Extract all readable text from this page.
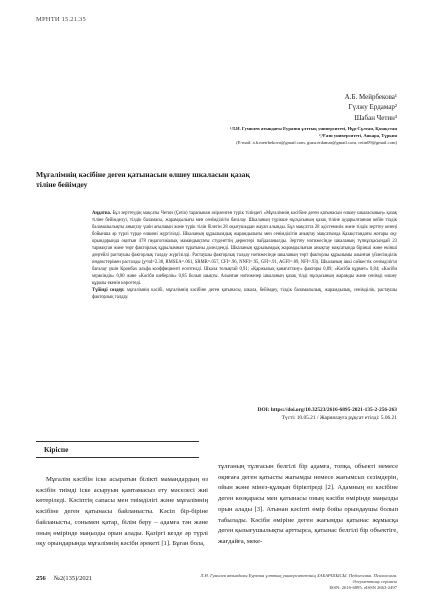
МРНТИ 15.21.35
А.Б. Мейрбекова¹
Гүлжу Ердамар²
Шабан Четин³
¹Л.Н. Гумилев атындағы Еуразия ұлттық университеті, Нұр-Сұлтан, Қазақстан
²,³Ғази университеті, Анкара, Түркия
(E-mail: a.b.meirbekova@gmail.com, guzu.erdamar@gmail.com, cetin09@gmail.com)
Мұғалімнің кәсібіне деген қатынасын өлшеу шкаласын қазақ тіліне бейімдеу

Аңдатпа. Бұл зерттеудің мақсаты Четин (Çetin) тарапынан әзірленген түрік тіліндегі «Мұғалімнің кәсібіне деген қатынасын өлшеу шкаласының» қазақ тіліне бейімделуі, тілдік баламасы, жарамдылығы мен сенімділігін бағалау. Шкаланың түрікше нұсқасының қазақ тіліне аударылғаннан кейін тілдік баламалылықты анықтау үшін ағылшын және түрік тілін білетін 28 оқытушыдан жауап алынды. Бұл мақсатта 28 әдістемелік және тілдік зерттеу кезеңі бойынша әр түрлі түрде өлшемі жүргізілді. Шкаланың құрылымдық жарамдылығы мен сенімділігін анықтау мақсатында Қазақстандағы жоғары оқу орындарында оқитын 478 педагогикалық мамандықтағы студенттің деректері пайдаланылды. Зерттеу нәтижесінде шкаланың түпнұсқасындай 23 тармақтан және төрт факторлық құрылымнан тұратыны дәлелденді. Шкаланың құрылымдық жарамдылығын анықтау мақсатында бірінші және екінші деңгейлі растаушы факторлық талдау жүргізілді. Растаушы факторлық талдау нәтижесінде шкаланың төрт факторлы құрылымы алынған үйлесімділік индекстерімен расталды (χ²/sd=2.38, RMSEA=.061, SRMR=.057, CFI=.96, NNFI=.95, GFI=.91, AGFI=.89, NFI=.93). Шкаланың ішкі сәйкестік сенімділігін бағалау үшін Кронбах альфа коэффициенті есептелді. Шкала толықтай 0,91; «Қаржылық қанағаттану» факторы 0,89; «Кәсіби құрмет» 0,84; «Кәсіби мүмкіндік» 0,80 және «Кәсіби шеберлік» 0,85 болып шықты. Алынған нәтижелер шкаланың қазақ тілді нұсқасының жарамды және сенімді өлшеу құралы екенін көрсетеді.

Түйінді сөздер: мұғалімнің кәсібі, мұғалімнің кәсібіне деген қатынасы, шкала, бейімдеу, тілдік баламалылық, жарамдылық, сенімділік, растаушы факторлық талдау.

DOI: https://doi.org/10.32523/2616-6895-2021-135-2-256-263
Түсті: 10.05.21 / Жариялауға рұқсат етілді: 5.06.21
Кіріспе

Мұғалім кәсібін іске асыратын білікті мамандардың өз кәсібін тиімді іске асыруын қамтамасыз ету мәселесі жиі көтеріледі. Кәсіптің сапасы мен тиімділігі және мұғалімнің кәсібіне деген қатынасы байланысты. Кәсіп бір-біріне байланысты, сонымен қатар, білім беру – адамға тән және оның өмірінде маңызды орын алады. Қазіргі кезде әр түрлі оқу орындарында мұғалімнің кәсіби әрекеті [1]. Бұған бола,

тұлғаның тұлғасын белгілі бір адамға, топқа, объекті немесе оқиғаға деген қатысты жағымды немесе жағымсыз сезімдерін, ойын және мінез-құлқын біріктіреді [2]. Адамның өз кәсібіне деген көзқарасы мен қатынасы оның кәсіби өмірінде маңызды орын алады [3]. Атынан кәсіпті өмір бойы орындаушы болып табылады. Кәсіби өміріне деген жағымды қатынас жұмысқа деген қызығушылықты арттырса, қатынас белгілі бір объектіге, жағдайға, меке-

256 №2(135)/2021	Л.Н. Гумилев атындағы Еуразия ұлттық университетінің ХАБАРШЫСЫ. Педагогика. Психология. Әлеуметтану сериясы
ISSN: 2616-6895, eISSN 2663-2497
